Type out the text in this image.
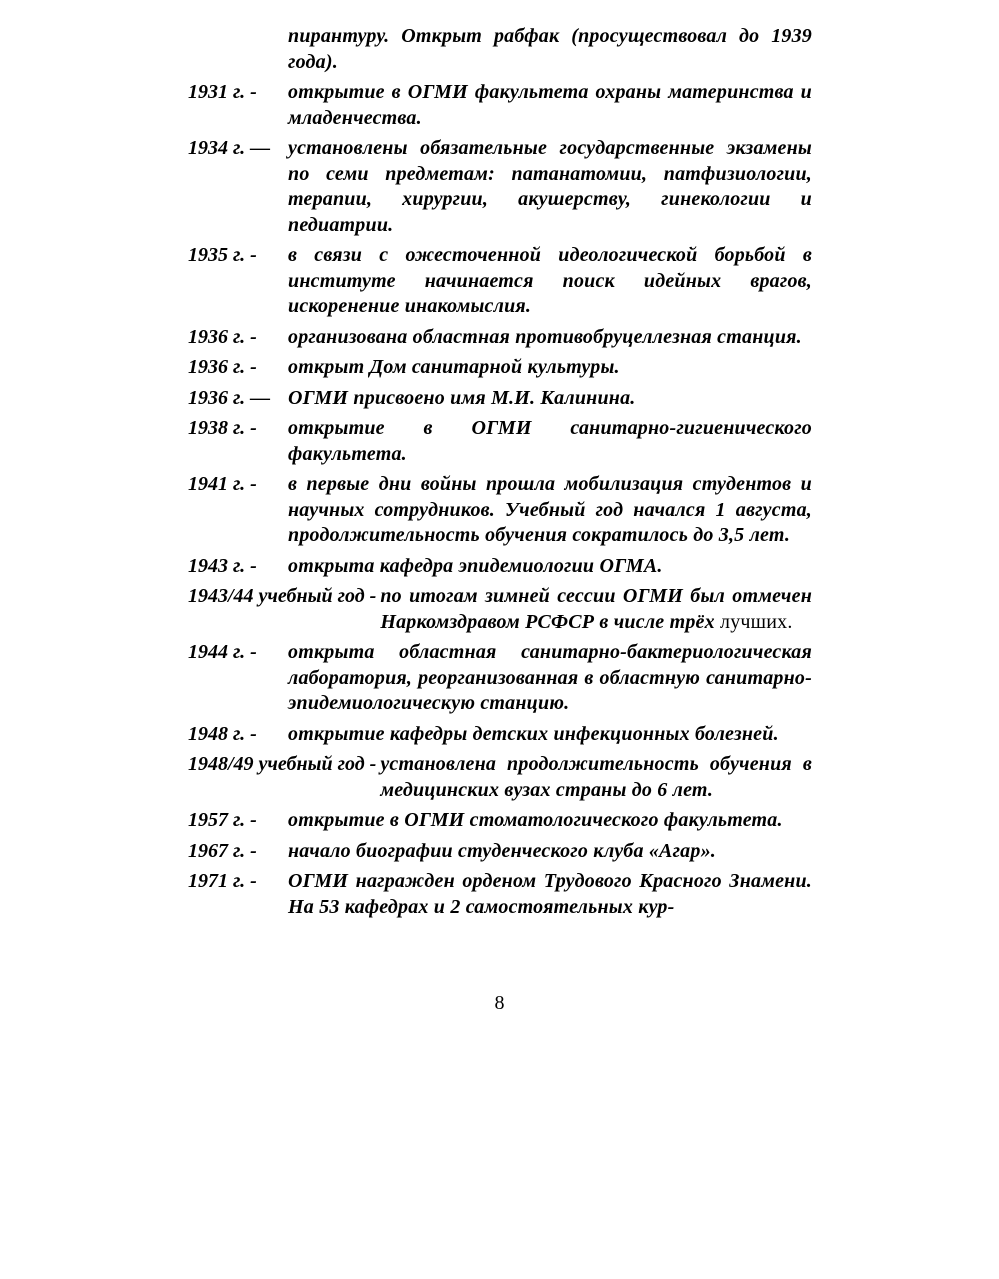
пирантуру. Открыт рабфак (просуществовал до 1939 года).
1931 г. -	открытие в ОГМИ факультета охраны материнства и младенчества.
1934 г. — установлены обязательные государственные экзамены по семи предметам: патанатомии, патфизиологии, терапии, хирургии, акушерству, гинекологии и педиатрии.
1935 г. -	в связи с ожесточенной идеологической борьбой в институте начинается поиск идейных врагов, искоренение инакомыслия.
1936 г. -	организована областная противобруцеллезная станция.
1936 г. -	открыт Дом санитарной культуры.
1936 г. — ОГМИ присвоено имя М.И. Калинина.
1938 г. -	открытие в ОГМИ санитарно-гигиенического факультета.
1941 г. -	в первые дни войны прошла мобилизация студентов и научных сотрудников. Учебный год начался 1 августа, продолжительность обучения сократилось до 3,5 лет.
1943 г. -	открыта кафедра эпидемиологии ОГМА.
1943/44 учебный год - по итогам зимней сессии ОГМИ был отмечен Наркомздравом РСФСР в числе трёх лучших.
1944 г. -	открыта областная санитарно-бактериологическая лаборатория, реорганизованная в областную санитарно-эпидемиологическую станцию.
1948 г. -	открытие кафедры детских инфекционных болезней.
1948/49 учебный год - установлена продолжительность обучения в медицинских вузах страны до 6 лет.
1957 г. -	открытие в ОГМИ стоматологического факультета.
1967 г. -	начало биографии студенческого клуба «Агар».
1971 г. -	ОГМИ награжден орденом Трудового Красного Знамени. На 53 кафедрах и 2 самостоятельных кур-
8
